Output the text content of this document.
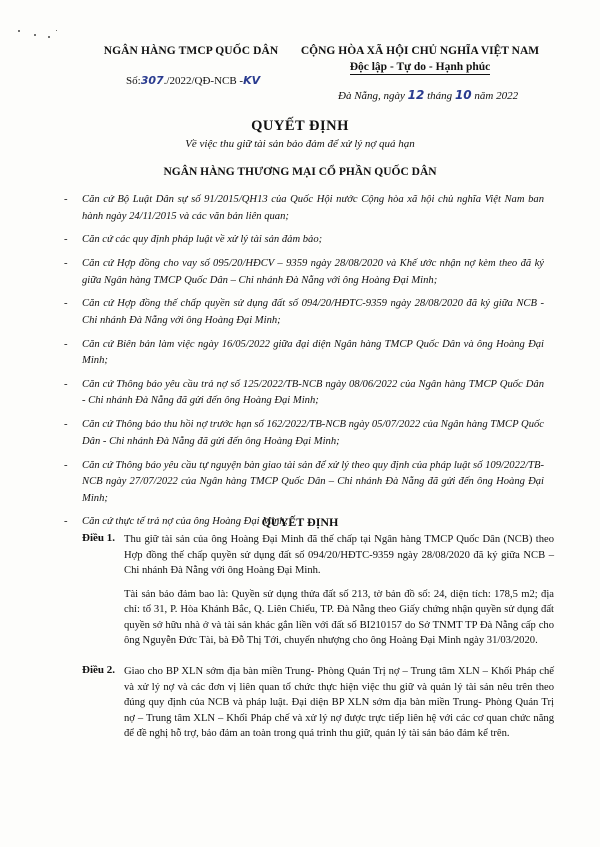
NGÂN HÀNG TMCP QUỐC DÂN
Số:307./2022/QĐ-NCB -KV
CỘNG HÒA XÃ HỘI CHỦ NGHĨA VIỆT NAM
Độc lập - Tự do - Hạnh phúc
Đà Nẵng, ngày 12 tháng 10 năm 2022
QUYẾT ĐỊNH
Về việc thu giữ tài sản bảo đảm để xử lý nợ quá hạn
NGÂN HÀNG THƯƠNG MẠI CỔ PHẦN QUỐC DÂN
- Căn cứ Bộ Luật Dân sự số 91/2015/QH13 của Quốc Hội nước Cộng hòa xã hội chủ nghĩa Việt Nam ban hành ngày 24/11/2015 và các văn bản liên quan;
- Căn cứ các quy định pháp luật về xử lý tài sản đảm bảo;
- Căn cứ Hợp đồng cho vay số 095/20/HĐCV – 9359 ngày 28/08/2020 và Khế ước nhận nợ kèm theo đã ký giữa Ngân hàng TMCP Quốc Dân – Chi nhánh Đà Nẵng với ông Hoàng Đại Minh;
- Căn cứ Hợp đồng thế chấp quyền sử dụng đất số 094/20/HĐTC-9359 ngày 28/08/2020 đã ký giữa NCB - Chi nhánh Đà Nẵng với ông Hoàng Đại Minh;
- Căn cứ Biên bản làm việc ngày 16/05/2022 giữa đại diện Ngân hàng TMCP Quốc Dân và ông Hoàng Đại Minh;
- Căn cứ Thông báo yêu cầu trả nợ số 125/2022/TB-NCB ngày 08/06/2022 của Ngân hàng TMCP Quốc Dân - Chi nhánh Đà Nẵng đã gửi đến ông Hoàng Đại Minh;
- Căn cứ Thông báo thu hồi nợ trước hạn số 162/2022/TB-NCB ngày 05/07/2022 của Ngân hàng TMCP Quốc Dân - Chi nhánh Đà Nẵng đã gửi đến ông Hoàng Đại Minh;
- Căn cứ Thông báo yêu cầu tự nguyện bàn giao tài sản để xử lý theo quy định của pháp luật số 109/2022/TB-NCB ngày 27/07/2022 của Ngân hàng TMCP Quốc Dân – Chi nhánh Đà Nẵng đã gửi đến ông Hoàng Đại Minh;
- Căn cứ thực tế trả nợ của ông Hoàng Đại Minh;
QUYẾT ĐỊNH
Điều 1. Thu giữ tài sản của ông Hoàng Đại Minh đã thế chấp tại Ngân hàng TMCP Quốc Dân (NCB) theo Hợp đồng thế chấp quyền sử dụng đất số 094/20/HĐTC-9359 ngày 28/08/2020 đã ký giữa NCB – Chi nhánh Đà Nẵng với ông Hoàng Đại Minh.

Tài sản bảo đảm bao là: Quyền sử dụng thửa đất số 213, tờ bản đồ số: 24, diện tích: 178,5 m2; địa chỉ: tổ 31, P. Hòa Khánh Bắc, Q. Liên Chiểu, TP. Đà Nẵng theo Giấy chứng nhận quyền sử dụng đất quyền sở hữu nhà ở và tài sản khác gắn liền với đất số BI210157 do Sở TNMT TP Đà Nẵng cấp cho ông Nguyễn Đức Tài, bà Đỗ Thị Tới, chuyển nhượng cho ông Hoàng Đại Minh ngày 31/03/2020.

Điều 2. Giao cho BP XLN sớm địa bàn miền Trung- Phòng Quản Trị nợ – Trung tâm XLN – Khối Pháp chế và xử lý nợ và các đơn vị liên quan tổ chức thực hiện việc thu giữ và quản lý tài sản nêu trên theo đúng quy định của NCB và pháp luật. Đại diện BP XLN sớm địa bàn miền Trung- Phòng Quản Trị nợ – Trung tâm XLN – Khối Pháp chế và xử lý nợ được trực tiếp liên hệ với các cơ quan chức năng để đề nghị hỗ trợ, bảo đảm an toàn trong quá trình thu giữ, quản lý tài sản bảo đảm kể trên.
